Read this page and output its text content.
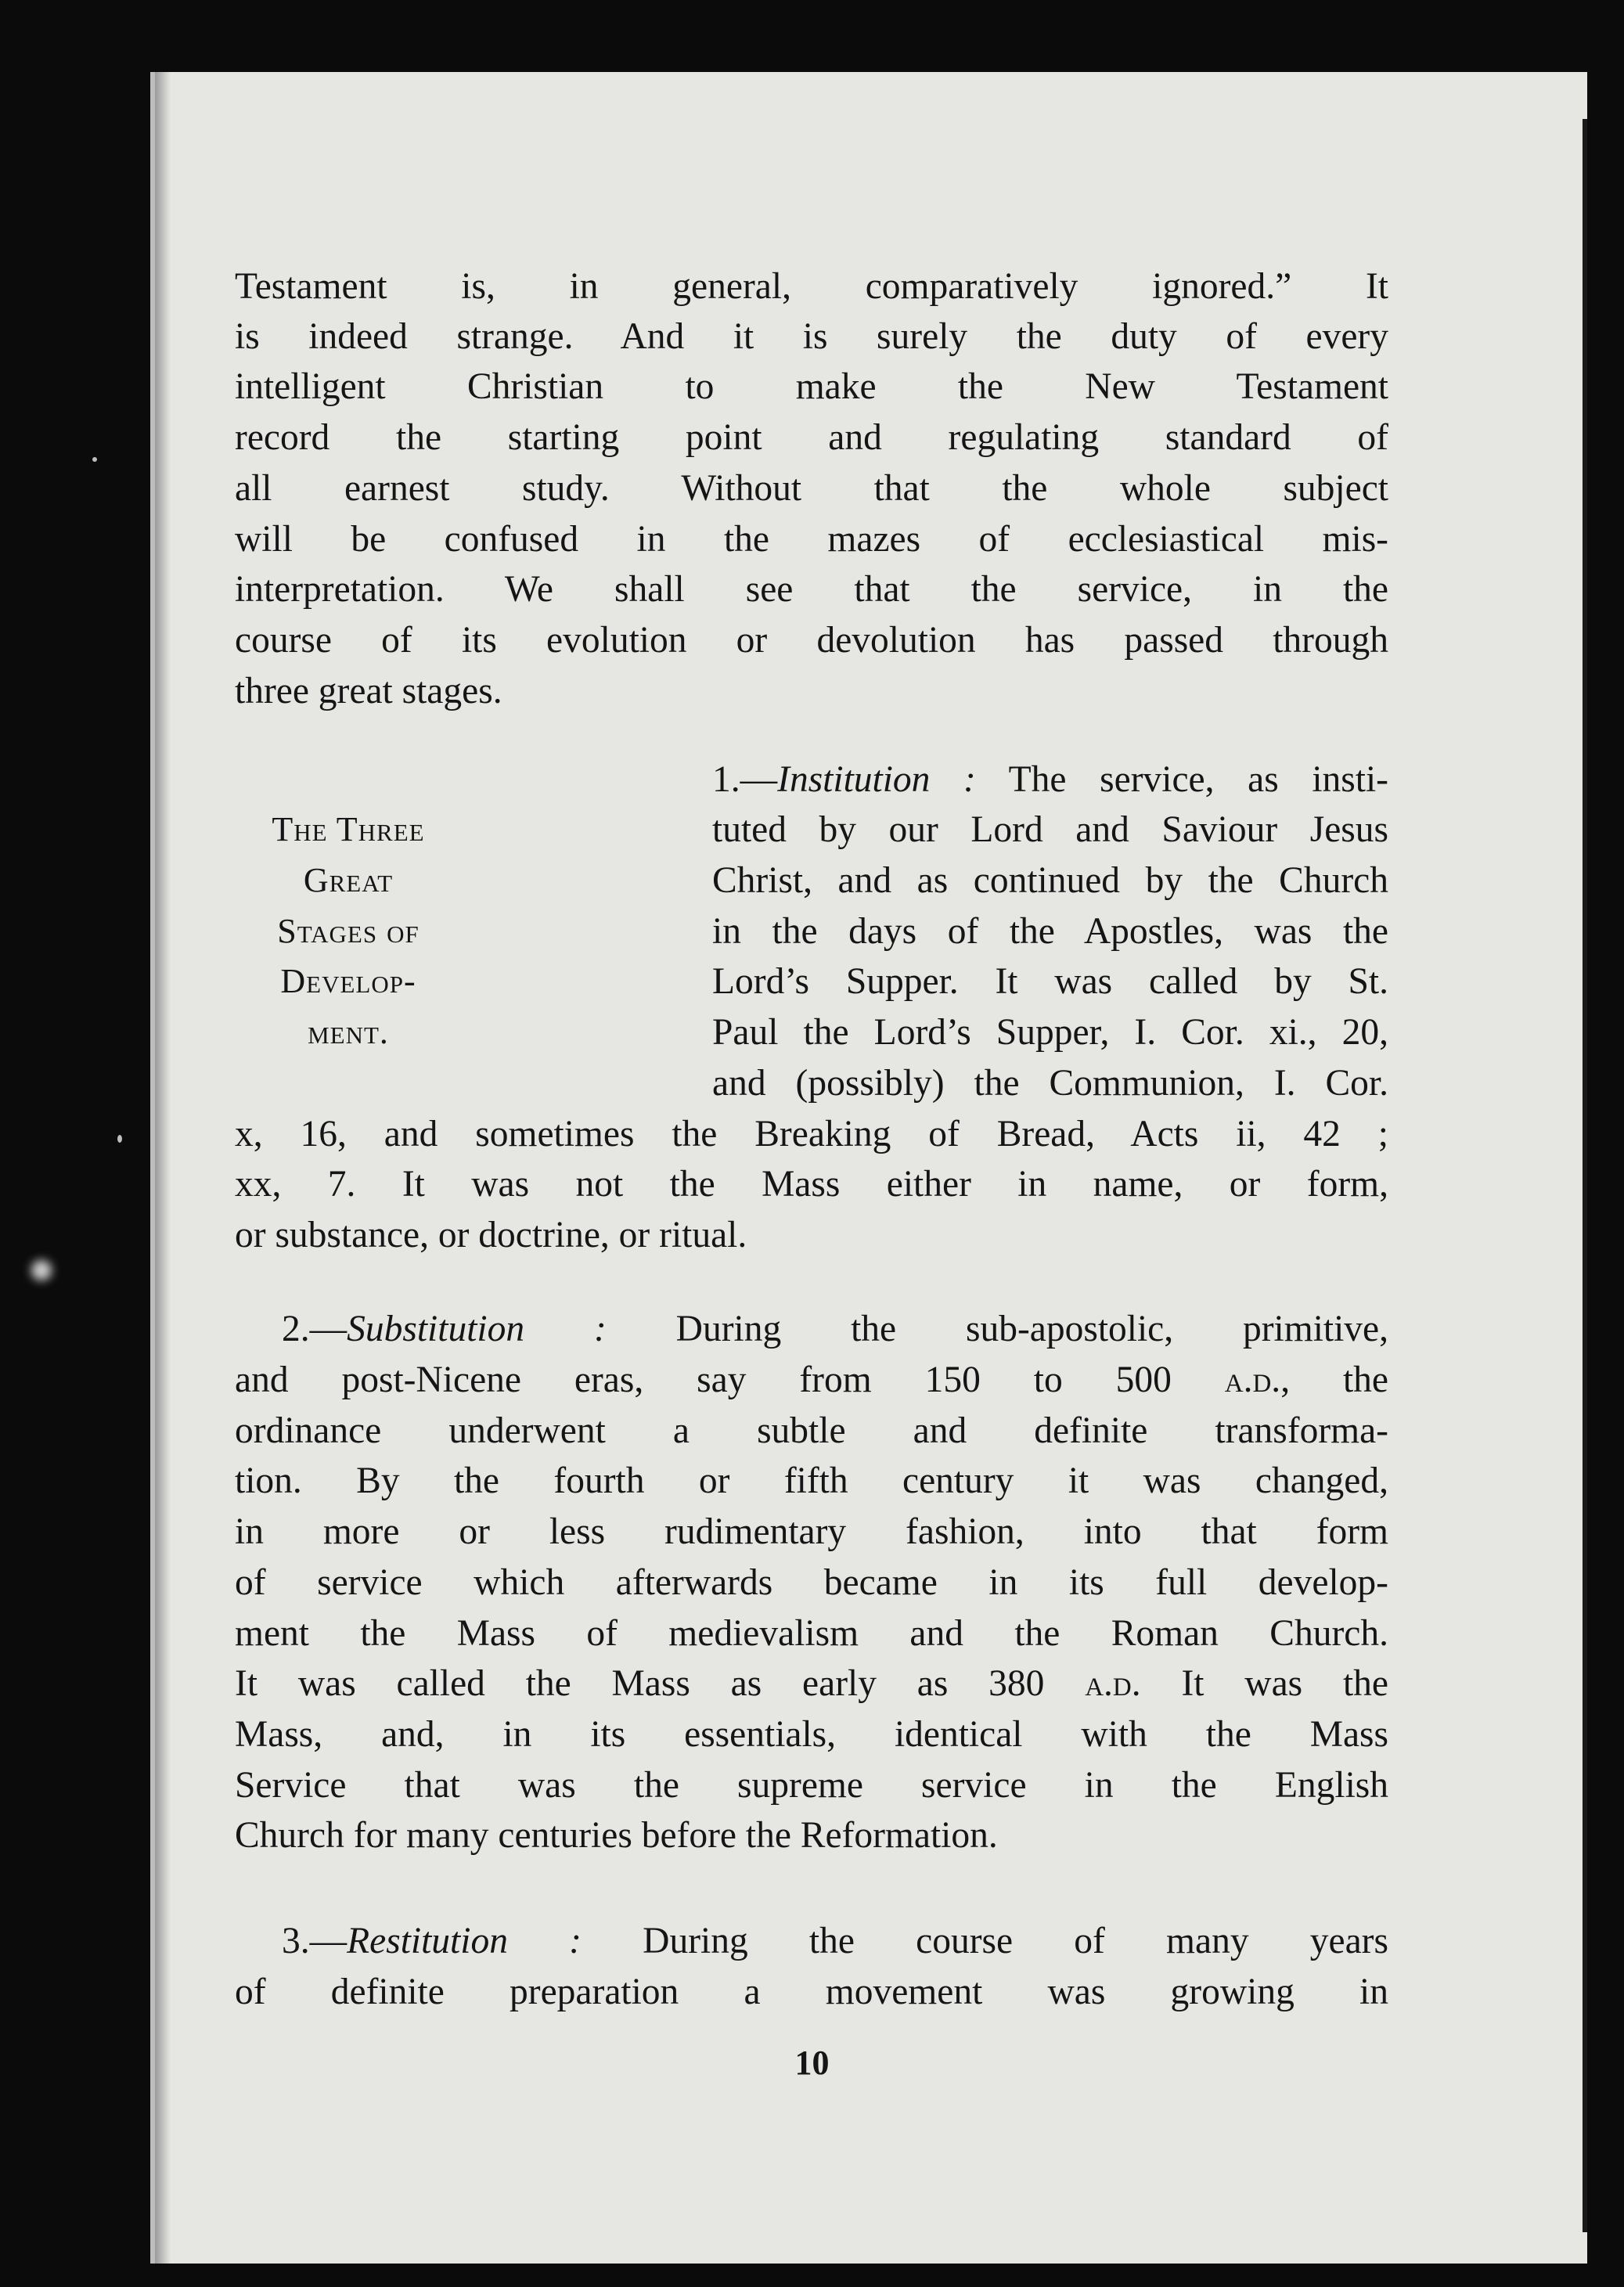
Testament is, in general, comparatively ignored.” It
is indeed strange. And it is surely the duty of every
intelligent Christian to make the New Testament
record the starting point and regulating standard of
all earnest study. Without that the whole subject
will be confused in the mazes of ecclesiastical mis-
interpretation. We shall see that the service, in the
course of its evolution or devolution has passed through
three great stages.
1.—Institution : The service, as insti-
The Three
Great
Stages of
Develop-
ment.
tuted by our Lord and Saviour Jesus
Christ, and as continued by the Church
in the days of the Apostles, was the
Lord’s Supper. It was called by St.
Paul the Lord’s Supper, I. Cor. xi., 20,
and (possibly) the Communion, I. Cor.
x, 16, and sometimes the Breaking of Bread, Acts ii, 42 ;
xx, 7. It was not the Mass either in name, or form,
or substance, or doctrine, or ritual.
2.—Substitution : During the sub-apostolic, primitive,
and post-Nicene eras, say from 150 to 500 a.d., the
ordinance underwent a subtle and definite transforma-
tion. By the fourth or fifth century it was changed,
in more or less rudimentary fashion, into that form
of service which afterwards became in its full develop-
ment the Mass of medievalism and the Roman Church.
It was called the Mass as early as 380 a.d. It was the
Mass, and, in its essentials, identical with the Mass
Service that was the supreme service in the English
Church for many centuries before the Reformation.
3.—Restitution : During the course of many years
of definite preparation a movement was growing in
10
